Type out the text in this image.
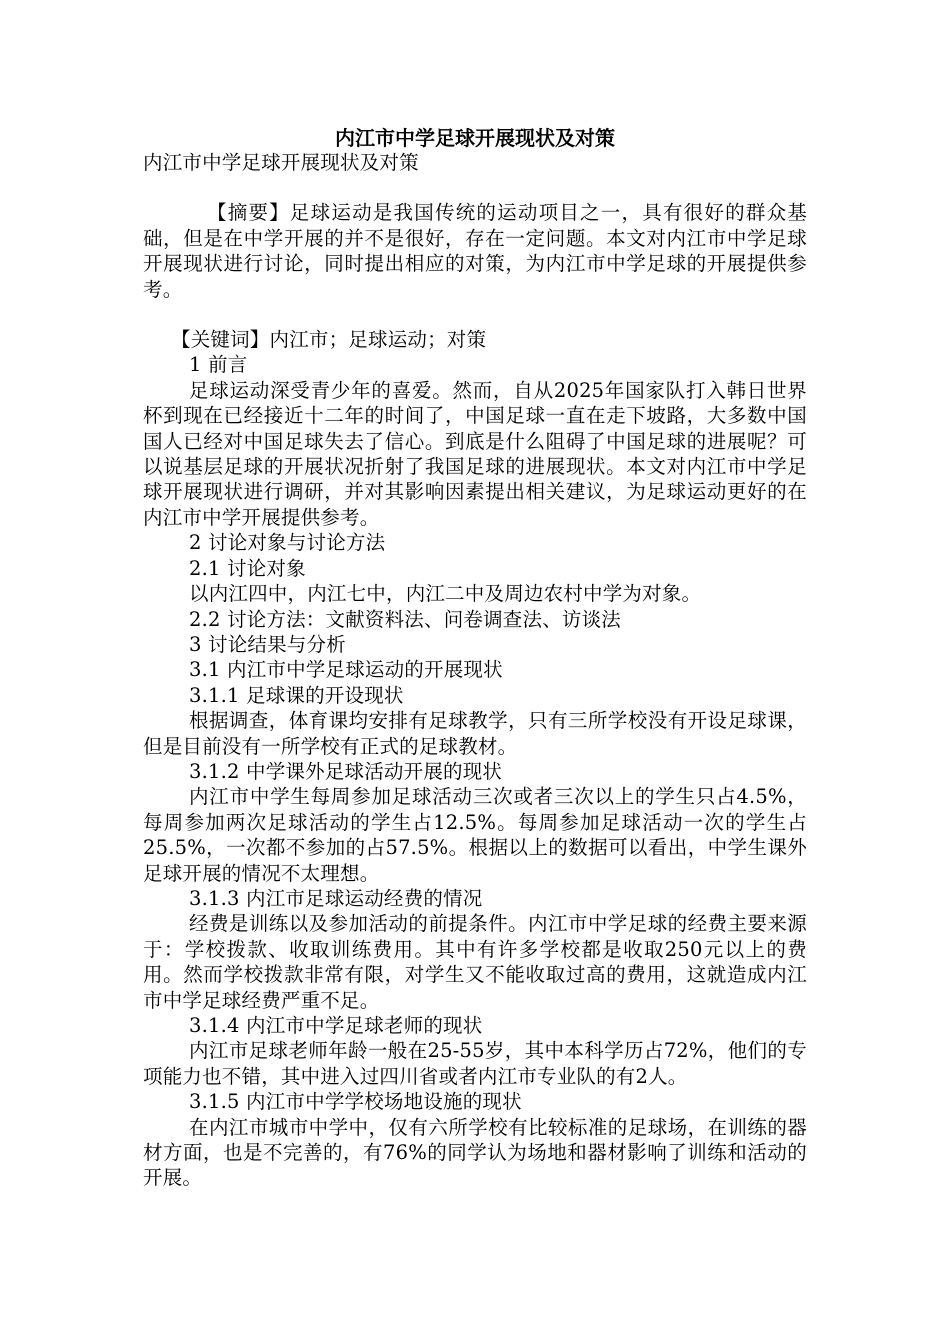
内江市中学足球开展现状及对策

内江市中学足球开展现状及对策

【摘要】足球运动是我国传统的运动项目之一，具有很好的群众基础，但是在中学开展的并不是很好，存在一定问题。本文对内江市中学足球开展现状进行讨论，同时提出相应的对策，为内江市中学足球的开展提供参考。

【关键词】内江市；足球运动；对策

1 前言

足球运动深受青少年的喜爱。然而，自从2025年国家队打入韩日世界杯到现在已经接近十二年的时间了，中国足球一直在走下坡路，大多数中国国人已经对中国足球失去了信心。到底是什么阻碍了中国足球的进展呢？可以说基层足球的开展状况折射了我国足球的进展现状。本文对内江市中学足球开展现状进行调研，并对其影响因素提出相关建议，为足球运动更好的在内江市中学开展提供参考。

2 讨论对象与讨论方法

2.1 讨论对象

以内江四中，内江七中，内江二中及周边农村中学为对象。

2.2 讨论方法：文献资料法、问卷调查法、访谈法

3 讨论结果与分析

3.1 内江市中学足球运动的开展现状

3.1.1 足球课的开设现状

根据调查，体育课均安排有足球教学，只有三所学校没有开设足球课，但是目前没有一所学校有正式的足球教材。

3.1.2 中学课外足球活动开展的现状

内江市中学生每周参加足球活动三次或者三次以上的学生只占4.5%，每周参加两次足球活动的学生占12.5%。每周参加足球活动一次的学生占25.5%，一次都不参加的占57.5%。根据以上的数据可以看出，中学生课外足球开展的情况不太理想。

3.1.3 内江市足球运动经费的情况

经费是训练以及参加活动的前提条件。内江市中学足球的经费主要来源于：学校拨款、收取训练费用。其中有许多学校都是收取250元以上的费用。然而学校拨款非常有限，对学生又不能收取过高的费用，这就造成内江市中学足球经费严重不足。

3.1.4 内江市中学足球老师的现状

内江市足球老师年龄一般在25-55岁，其中本科学历占72%，他们的专项能力也不错，其中进入过四川省或者内江市专业队的有2人。

3.1.5 内江市中学学校场地设施的现状

在内江市城市中学中，仅有六所学校有比较标准的足球场，在训练的器材方面，也是不完善的，有76%的同学认为场地和器材影响了训练和活动的开展。
